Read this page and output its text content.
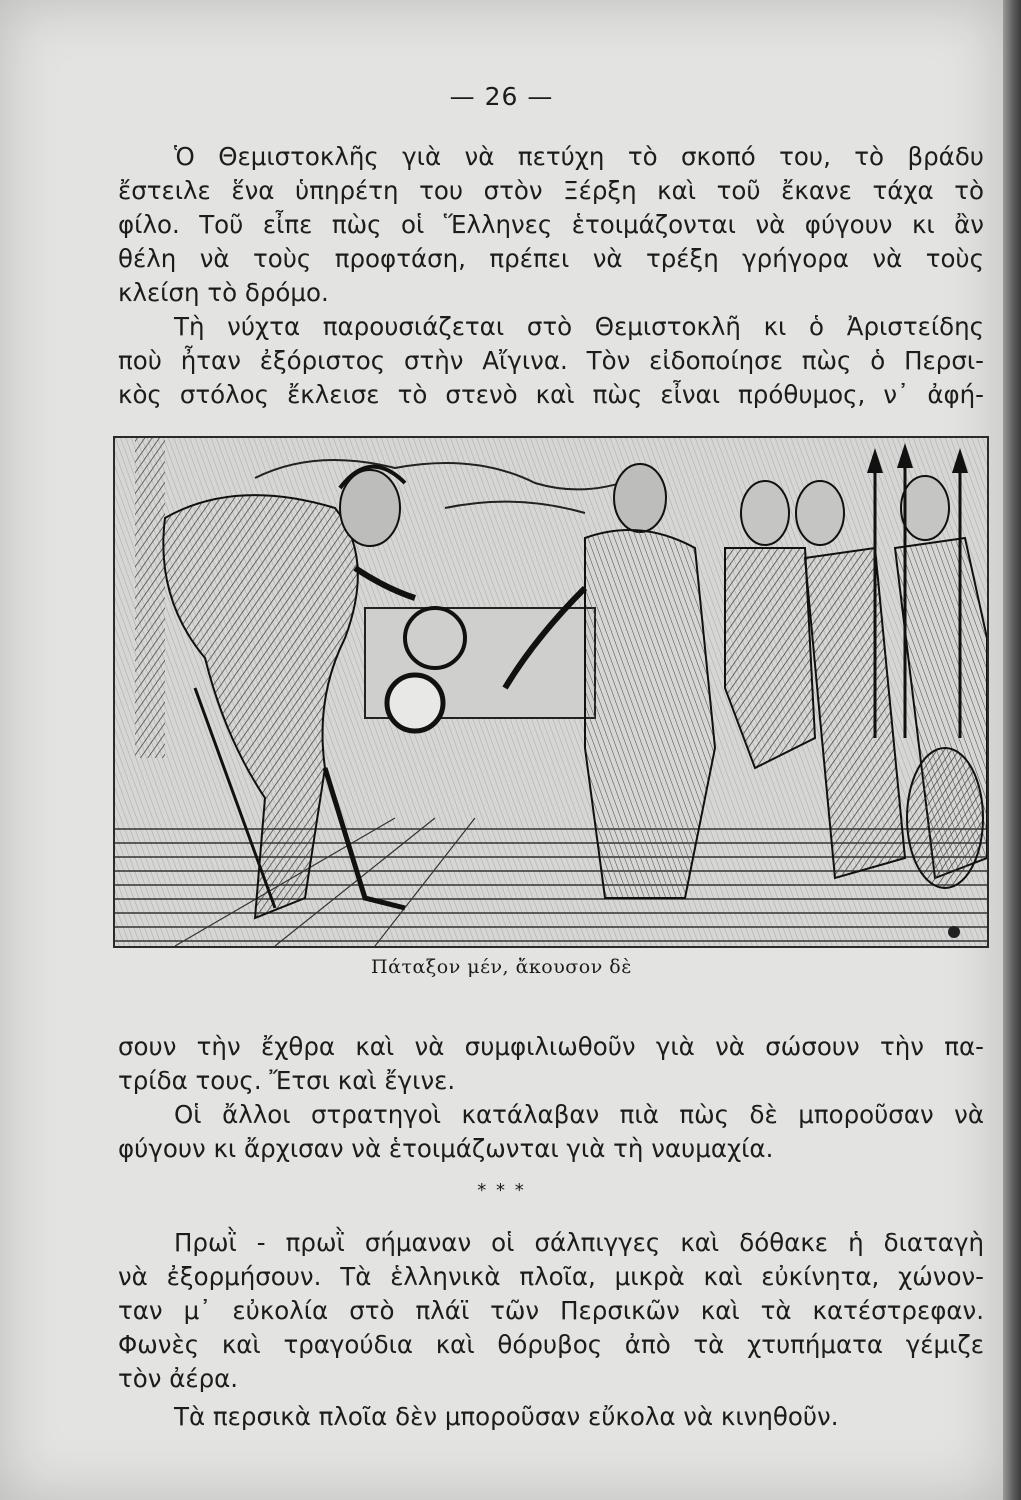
— 26 —
Ὁ Θεμιστοκλῆς γιὰ νὰ πετύχη τὸ σκοπό του, τὸ βράδυ
ἔστειλε ἕνα ὑπηρέτη του στὸν Ξέρξη καὶ τοῦ ἔκανε τάχα τὸ
φίλο. Τοῦ εἶπε πὼς οἱ Ἕλληνες ἑτοιμάζονται νὰ φύγουν κι ἂν
θέλη νὰ τοὺς προφτάση, πρέπει νὰ τρέξη γρήγορα νὰ τοὺς
κλείση τὸ δρόμο.
Τὴ νύχτα παρουσιάζεται στὸ Θεμιστοκλῆ κι ὁ Ἀριστείδης
ποὺ ἦταν ἐξόριστος στὴν Αἴγινα. Τὸν εἰδοποίησε πὼς ὁ Περσι-
κὸς στόλος ἔκλεισε τὸ στενὸ καὶ πὼς εἶναι πρόθυμος, ν᾽ ἀφή-
Πάταξον μέν, ἄκουσον δὲ
σουν τὴν ἔχθρα καὶ νὰ συμφιλιωθοῦν γιὰ νὰ σώσουν τὴν πα-
τρίδα τους. Ἔτσι καὶ ἔγινε.
Οἱ ἄλλοι στρατηγοὶ κατάλαβαν πιὰ πὼς δὲ μποροῦσαν νὰ
φύγουν κι ἄρχισαν νὰ ἑτοιμάζωνται γιὰ τὴ ναυμαχία.
* * *
Πρωῒ - πρωῒ σήμαναν οἱ σάλπιγγες καὶ δόθακε ἡ διαταγὴ
νὰ ἐξορμήσουν. Τὰ ἑλληνικὰ πλοῖα, μικρὰ καὶ εὐκίνητα, χώνον-
ταν μ᾽ εὐκολία στὸ πλάϊ τῶν Περσικῶν καὶ τὰ κατέστρεφαν.
Φωνὲς καὶ τραγούδια καὶ θόρυβος ἀπὸ τὰ χτυπήματα γέμιζε
τὸν ἀέρα.
Τὰ περσικὰ πλοῖα δὲν μποροῦσαν εὔκολα νὰ κινηθοῦν.
